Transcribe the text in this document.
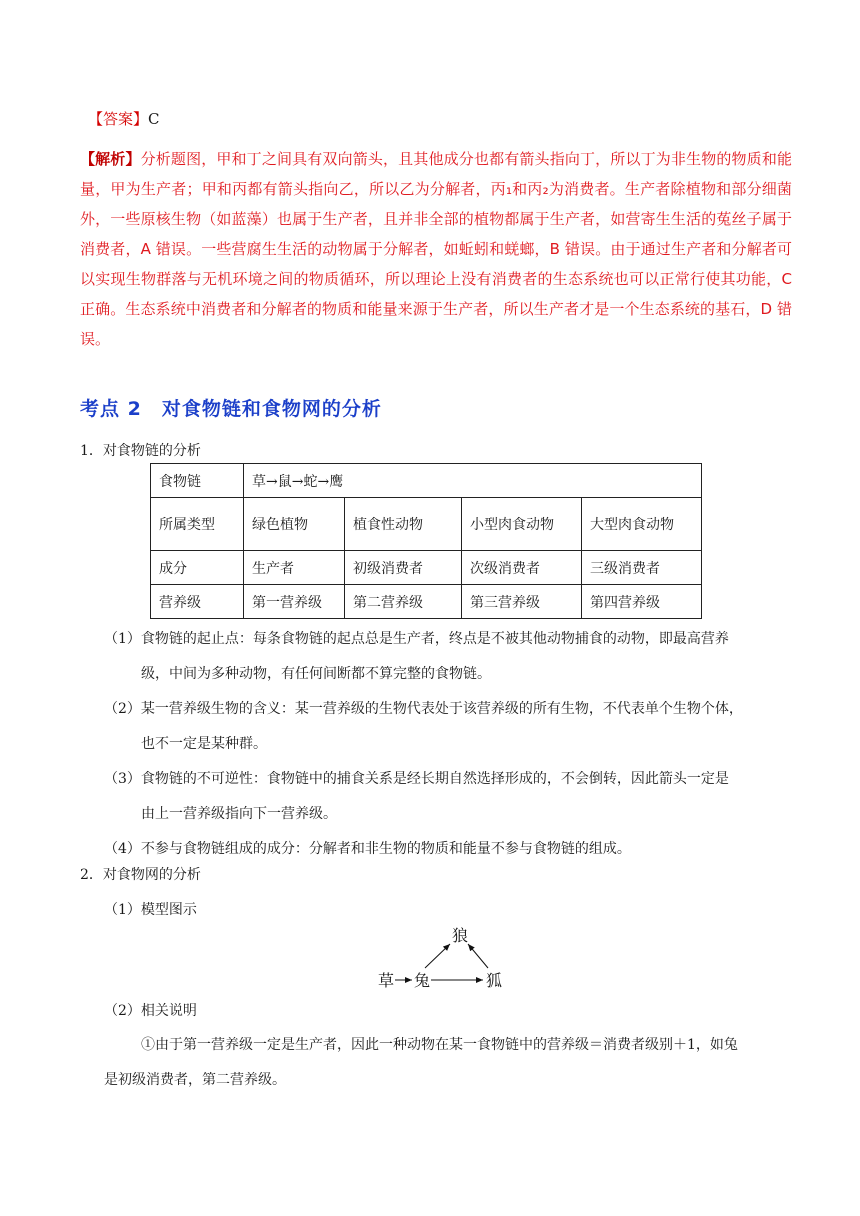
【答案】C
【解析】分析题图，甲和丁之间具有双向箭头，且其他成分也都有箭头指向丁，所以丁为非生物的物质和能量，甲为生产者；甲和丙都有箭头指向乙，所以乙为分解者，丙₁和丙₂为消费者。生产者除植物和部分细菌外，一些原核生物（如蓝藻）也属于生产者，且并非全部的植物都属于生产者，如营寄生生活的菟丝子属于消费者，A 错误。一些营腐生生活的动物属于分解者，如蚯蚓和蜣螂，B 错误。由于通过生产者和分解者可以实现生物群落与无机环境之间的物质循环，所以理论上没有消费者的生态系统也可以正常行使其功能，C 正确。生态系统中消费者和分解者的物质和能量来源于生产者，所以生产者才是一个生态系统的基石，D 错误。
考点 2　对食物链和食物网的分析
1．对食物链的分析
食物链	草→鼠→蛇→鹰			
所属类型	绿色植物	植食性动物	小型肉食动物	大型肉食动物
成分	生产者	初级消费者	次级消费者	三级消费者
营养级	第一营养级	第二营养级	第三营养级	第四营养级
（1）食物链的起止点：每条食物链的起点总是生产者，终点是不被其他动物捕食的动物，即最高营养
级，中间为多种动物，有任何间断都不算完整的食物链。
（2）某一营养级生物的含义：某一营养级的生物代表处于该营养级的所有生物，不代表单个生物个体，
也不一定是某种群。
（3）食物链的不可逆性：食物链中的捕食关系是经长期自然选择形成的，不会倒转，因此箭头一定是
由上一营养级指向下一营养级。
（4）不参与食物链组成的成分：分解者和非生物的物质和能量不参与食物链的组成。
2．对食物网的分析
（1）模型图示
狼
草 兔	狐
（2）相关说明
①由于第一营养级一定是生产者，因此一种动物在某一食物链中的营养级＝消费者级别＋1，如兔
是初级消费者，第二营养级。
